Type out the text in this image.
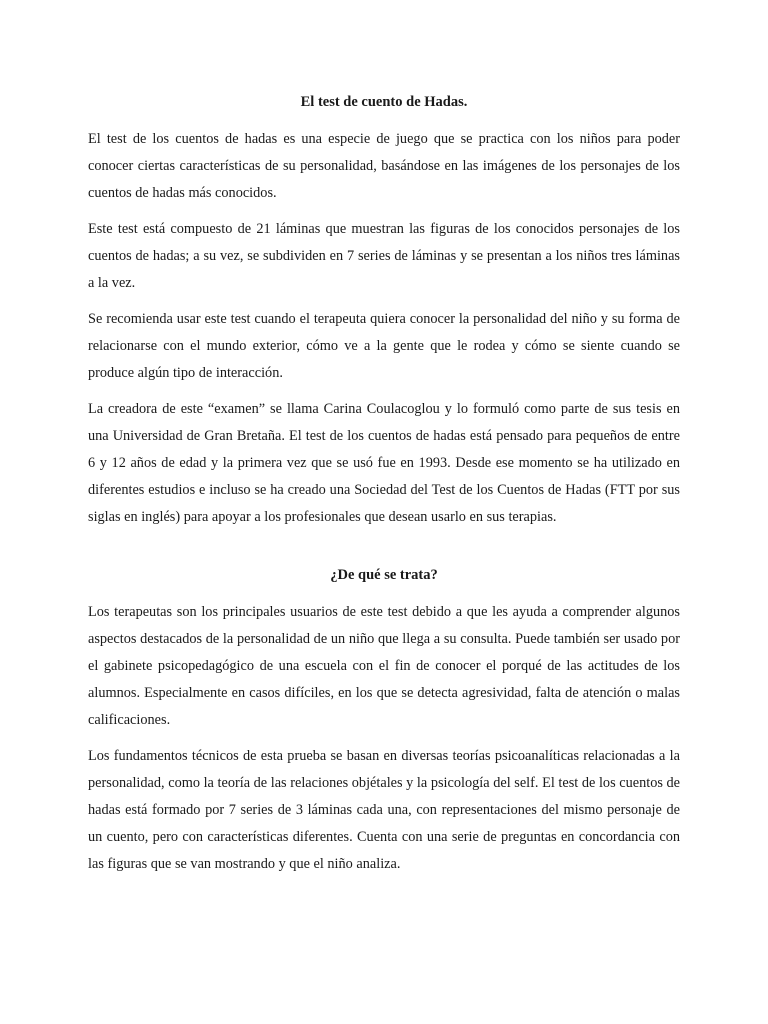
El test de cuento de Hadas.

El test de los cuentos de hadas es una especie de juego que se practica con los niños para poder conocer ciertas características de su personalidad, basándose en las imágenes de los personajes de los cuentos de hadas más conocidos.

Este test está compuesto de 21 láminas que muestran las figuras de los conocidos personajes de los cuentos de hadas; a su vez, se subdividen en 7 series de láminas y se presentan a los niños tres láminas a la vez.

Se recomienda usar este test cuando el terapeuta quiera conocer la personalidad del niño y su forma de relacionarse con el mundo exterior, cómo ve a la gente que le rodea y cómo se siente cuando se produce algún tipo de interacción.

La creadora de este “examen” se llama Carina Coulacoglou y lo formuló como parte de sus tesis en una Universidad de Gran Bretaña. El test de los cuentos de hadas está pensado para pequeños de entre 6 y 12 años de edad y la primera vez que se usó fue en 1993. Desde ese momento se ha utilizado en diferentes estudios e incluso se ha creado una Sociedad del Test de los Cuentos de Hadas (FTT por sus siglas en inglés) para apoyar a los profesionales que desean usarlo en sus terapias.

¿De qué se trata?

Los terapeutas son los principales usuarios de este test debido a que les ayuda a comprender algunos aspectos destacados de la personalidad de un niño que llega a su consulta. Puede también ser usado por el gabinete psicopedagógico de una escuela con el fin de conocer el porqué de las actitudes de los alumnos. Especialmente en casos difíciles, en los que se detecta agresividad, falta de atención o malas calificaciones.

Los fundamentos técnicos de esta prueba se basan en diversas teorías psicoanalíticas relacionadas a la personalidad, como la teoría de las relaciones objétales y la psicología del self. El test de los cuentos de hadas está formado por 7 series de 3 láminas cada una, con representaciones del mismo personaje de un cuento, pero con características diferentes. Cuenta con una serie de preguntas en concordancia con las figuras que se van mostrando y que el niño analiza.
